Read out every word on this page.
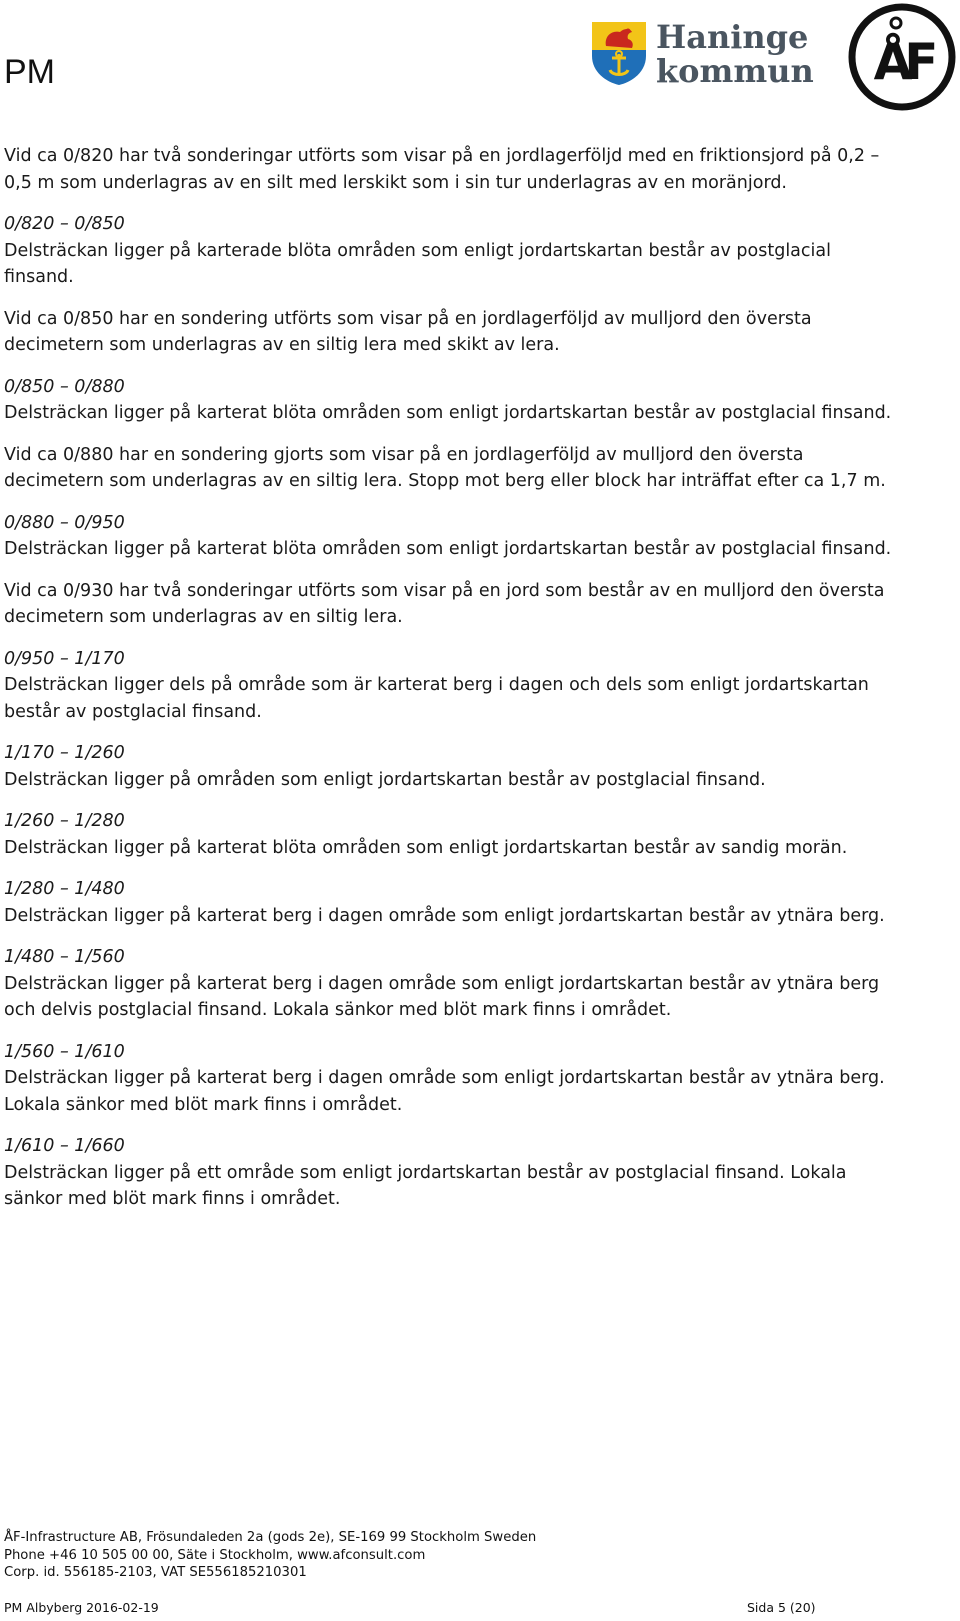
PM
Haninge
kommun	ÅF

Vid ca 0/820 har två sonderingar utförts som visar på en jordlagerföljd med en friktionsjord på 0,2 – 0,5 m som underlagras av en silt med lerskikt som i sin tur underlagras av en moränjord.

0/820 – 0/850

Delsträckan ligger på karterade blöta områden som enligt jordartskartan består av postglacial finsand.

Vid ca 0/850 har en sondering utförts som visar på en jordlagerföljd av mulljord den översta decimetern som underlagras av en siltig lera med skikt av lera.

0/850 – 0/880

Delsträckan ligger på karterat blöta områden som enligt jordartskartan består av postglacial finsand.

Vid ca 0/880 har en sondering gjorts som visar på en jordlagerföljd av mulljord den översta decimetern som underlagras av en siltig lera. Stopp mot berg eller block har inträffat efter ca 1,7 m.

0/880 – 0/950

Delsträckan ligger på karterat blöta områden som enligt jordartskartan består av postglacial finsand.

Vid ca 0/930 har två sonderingar utförts som visar på en jord som består av en mulljord den översta decimetern som underlagras av en siltig lera.

0/950 – 1/170

Delsträckan ligger dels på område som är karterat berg i dagen och dels som enligt jordartskartan består av postglacial finsand.

1/170 – 1/260

Delsträckan ligger på områden som enligt jordartskartan består av postglacial finsand.

1/260 – 1/280

Delsträckan ligger på karterat blöta områden som enligt jordartskartan består av sandig morän.

1/280 – 1/480

Delsträckan ligger på karterat berg i dagen område som enligt jordartskartan består av ytnära berg.

1/480 – 1/560

Delsträckan ligger på karterat berg i dagen område som enligt jordartskartan består av ytnära berg och delvis postglacial finsand. Lokala sänkor med blöt mark finns i området.

1/560 – 1/610

Delsträckan ligger på karterat berg i dagen område som enligt jordartskartan består av ytnära berg. Lokala sänkor med blöt mark finns i området.

1/610 – 1/660

Delsträckan ligger på ett område som enligt jordartskartan består av postglacial finsand. Lokala sänkor med blöt mark finns i området.

ÅF-Infrastructure AB, Frösundaleden 2a (gods 2e), SE-169 99 Stockholm Sweden
Phone +46 10 505 00 00, Säte i Stockholm, www.afconsult.com
Corp. id. 556185-2103, VAT SE556185210301
PM Albyberg 2016-02-19	Sida 5 (20)
